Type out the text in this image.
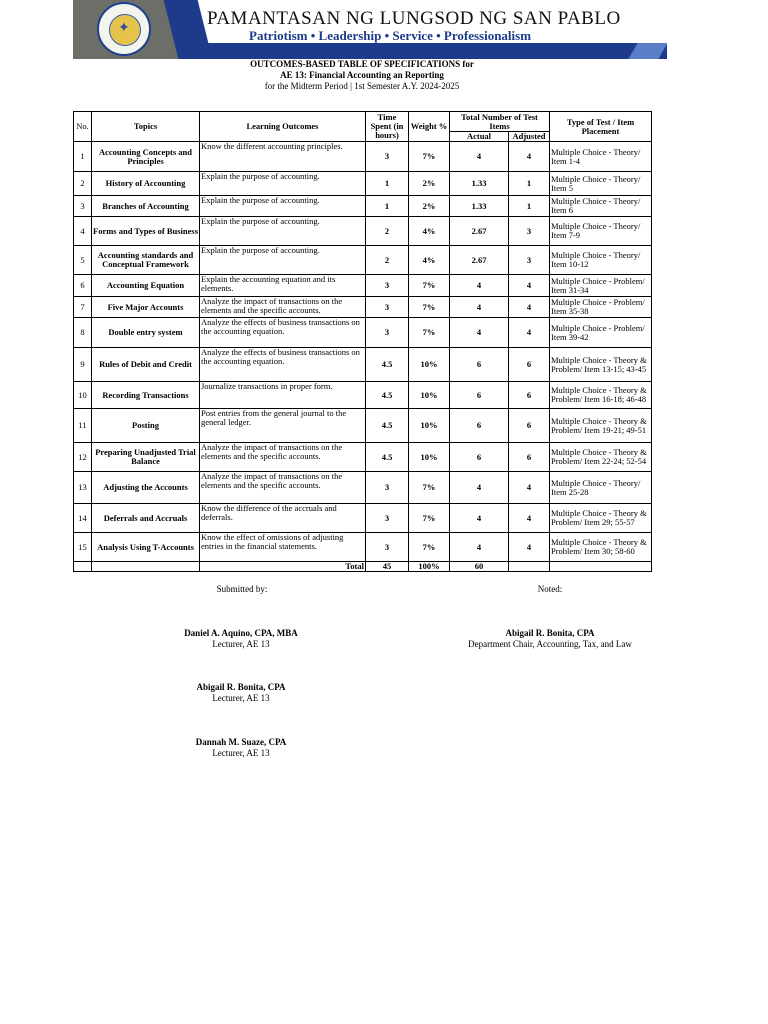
✦	PAMANTASAN NG LUNGSOD NG SAN PABLO
Patriotism • Leadership • Service • Professionalism
OUTCOMES-BASED TABLE OF SPECIFICATIONS for
AE 13: Financial Accounting an Reporting
for the Midterm Period | 1st Semester A.Y. 2024-2025
No.	Topics	Learning Outcomes	Time Spent (in hours)	Weight %	Total Number of Test Items		Type of Test / Item Placement
					Actual	Adjusted	
1	Accounting Concepts and Principles	Know the different accounting principles.	3	7%	4	4	Multiple Choice - Theory/ Item 1-4
2	History of Accounting	Explain the purpose of accounting.	1	2%	1.33	1	Multiple Choice - Theory/ Item 5
3	Branches of Accounting	Explain the purpose of accounting.	1	2%	1.33	1	Multiple Choice - Theory/ Item 6
4	Forms and Types of Business	Explain the purpose of accounting.	2	4%	2.67	3	Multiple Choice - Theory/ Item 7-9
5	Accounting standards and Conceptual Framework	Explain the purpose of accounting.	2	4%	2.67	3	Multiple Choice - Theory/ Item 10-12
6	Accounting Equation	Explain the accounting equation and its elements.	3	7%	4	4	Multiple Choice - Problem/ Item 31-34
7	Five Major Accounts	Analyze the impact of transactions on the elements and the specific accounts.	3	7%	4	4	Multiple Choice - Problem/ Item 35-38
8	Double entry system	Analyze the effects of business transactions on the accounting equation.	3	7%	4	4	Multiple Choice - Problem/ Item 39-42
9	Rules of Debit and Credit	Analyze the effects of business transactions on the accounting equation.	4.5	10%	6	6	Multiple Choice - Theory & Problem/ Item 13-15; 43-45
10	Recording Transactions	Journalize transactions in proper form.	4.5	10%	6	6	Multiple Choice - Theory & Problem/ Item 16-18; 46-48
11	Posting	Post entries from the general journal to the general ledger.	4.5	10%	6	6	Multiple Choice - Theory & Problem/ Item 19-21; 49-51
12	Preparing Unadjusted Trial Balance	Analyze the impact of transactions on the elements and the specific accounts.	4.5	10%	6	6	Multiple Choice - Theory & Problem/ Item 22-24; 52-54
13	Adjusting the Accounts	Analyze the impact of transactions on the elements and the specific accounts.	3	7%	4	4	Multiple Choice - Theory/ Item 25-28
14	Deferrals and Accruals	Know the difference of the accruals and deferrals.	3	7%	4	4	Multiple Choice - Theory & Problem/ Item 29; 55-57
15	Analysis Using T-Accounts	Know the effect of omissions of adjusting entries in the financial statements.	3	7%	4	4	Multiple Choice - Theory & Problem/ Item 30; 58-60
		Total	45	100%	60		
Submitted by:	Noted:
Daniel A. Aquino, CPA, MBA
Lecturer, AE 13
Abigail R. Bonita, CPA
Department Chair, Accounting, Tax, and Law
Abigail R. Bonita, CPA
Lecturer, AE 13
Dannah M. Suaze, CPA
Lecturer, AE 13
